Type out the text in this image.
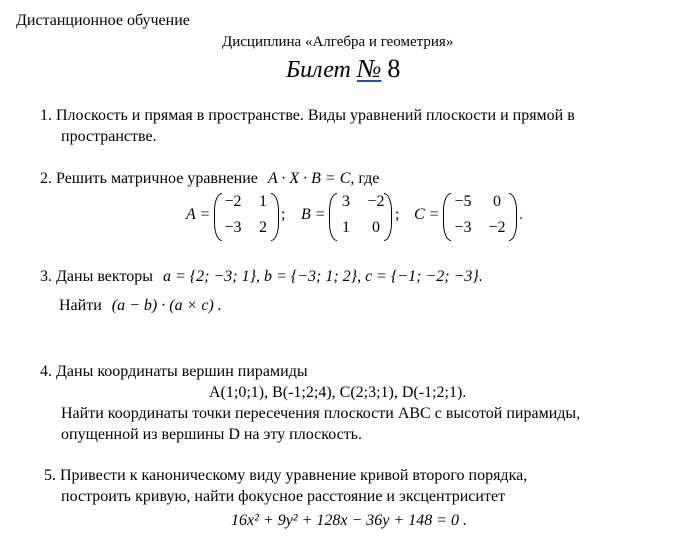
Дистанционное обучение
Дисциплина «Алгебра и геометрия»
Билет № 8
1. Плоскость и прямая в пространстве. Виды уравнений плоскости и прямой в
пространстве.
2. Решить матричное уравнение A · X · B = C, где
A =
−2	1
−3	2
; B =
3	−2
1	0
; C =
−5	0
−3 −2
.
3. Даны векторы a = {2; −3; 1}, b = {−3; 1; 2}, c = {−1; −2; −3}.
Найти (a − b) · (a × c) .
4. Даны координаты вершин пирамиды
A(1;0;1), B(-1;2;4), C(2;3;1), D(-1;2;1).
Найти координаты точки пересечения плоскости АВС с высотой пирамиды,
опущенной из вершины D на эту плоскость.
5. Привести к каноническому виду уравнение кривой второго порядка,
построить кривую, найти фокусное расстояние и эксцентриситет
16x² + 9y² + 128x − 36y + 148 = 0 .
